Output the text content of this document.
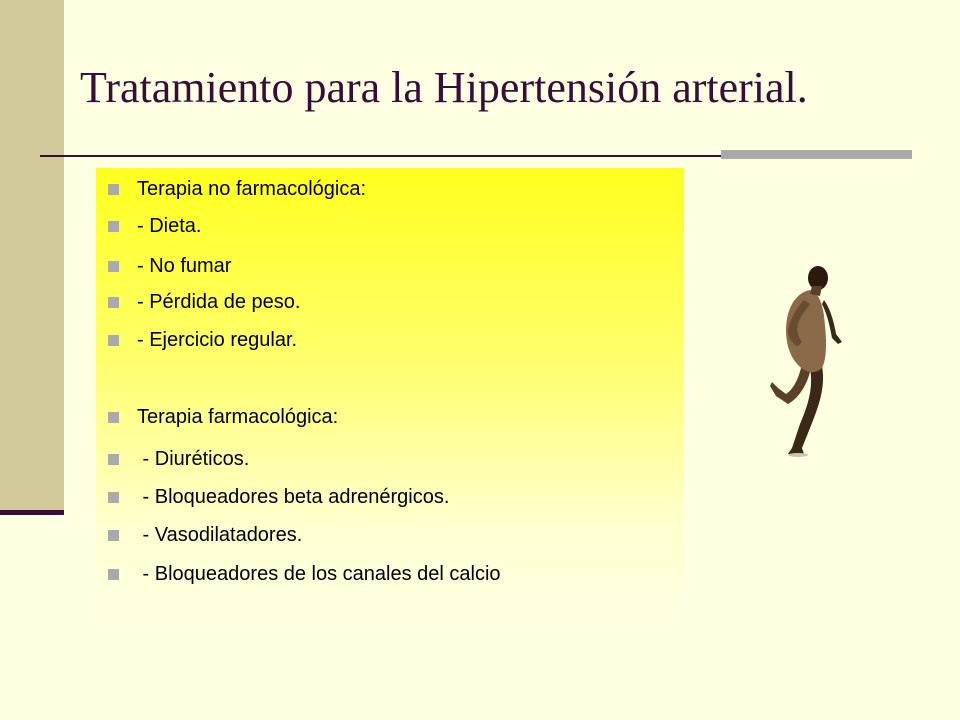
Tratamiento para la Hipertensión arterial.
Terapia no farmacológica:
- Dieta.
- No fumar
- Pérdida de peso.
- Ejercicio regular.
Terapia farmacológica:
- Diuréticos.
- Bloqueadores beta adrenérgicos.
- Vasodilatadores.
- Bloqueadores de los canales del calcio
